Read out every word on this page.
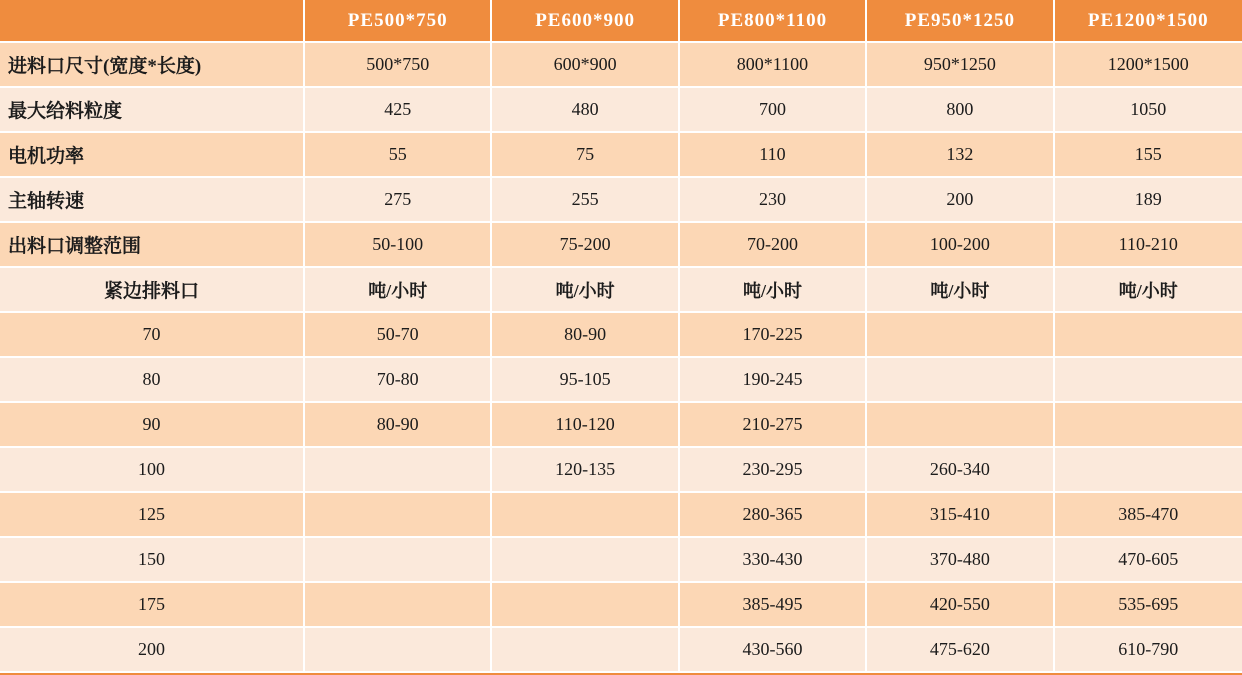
	PE500*750	PE600*900	PE800*1100	PE950*1250	PE1200*1500
进料口尺寸(宽度*长度)	500*750	600*900	800*1100	950*1250	1200*1500
最大给料粒度	425	480	700	800	1050
电机功率	55	75	110	132	155
主轴转速	275	255	230	200	189
出料口调整范围	50-100	75-200	70-200	100-200	110-210
紧边排料口	吨/小时	吨/小时	吨/小时	吨/小时	吨/小时
70	50-70	80-90	170-225		
80	70-80	95-105	190-245		
90	80-90	110-120	210-275		
100		120-135	230-295	260-340	
125			280-365	315-410	385-470
150			330-430	370-480	470-605
175			385-495	420-550	535-695
200			430-560	475-620	610-790
